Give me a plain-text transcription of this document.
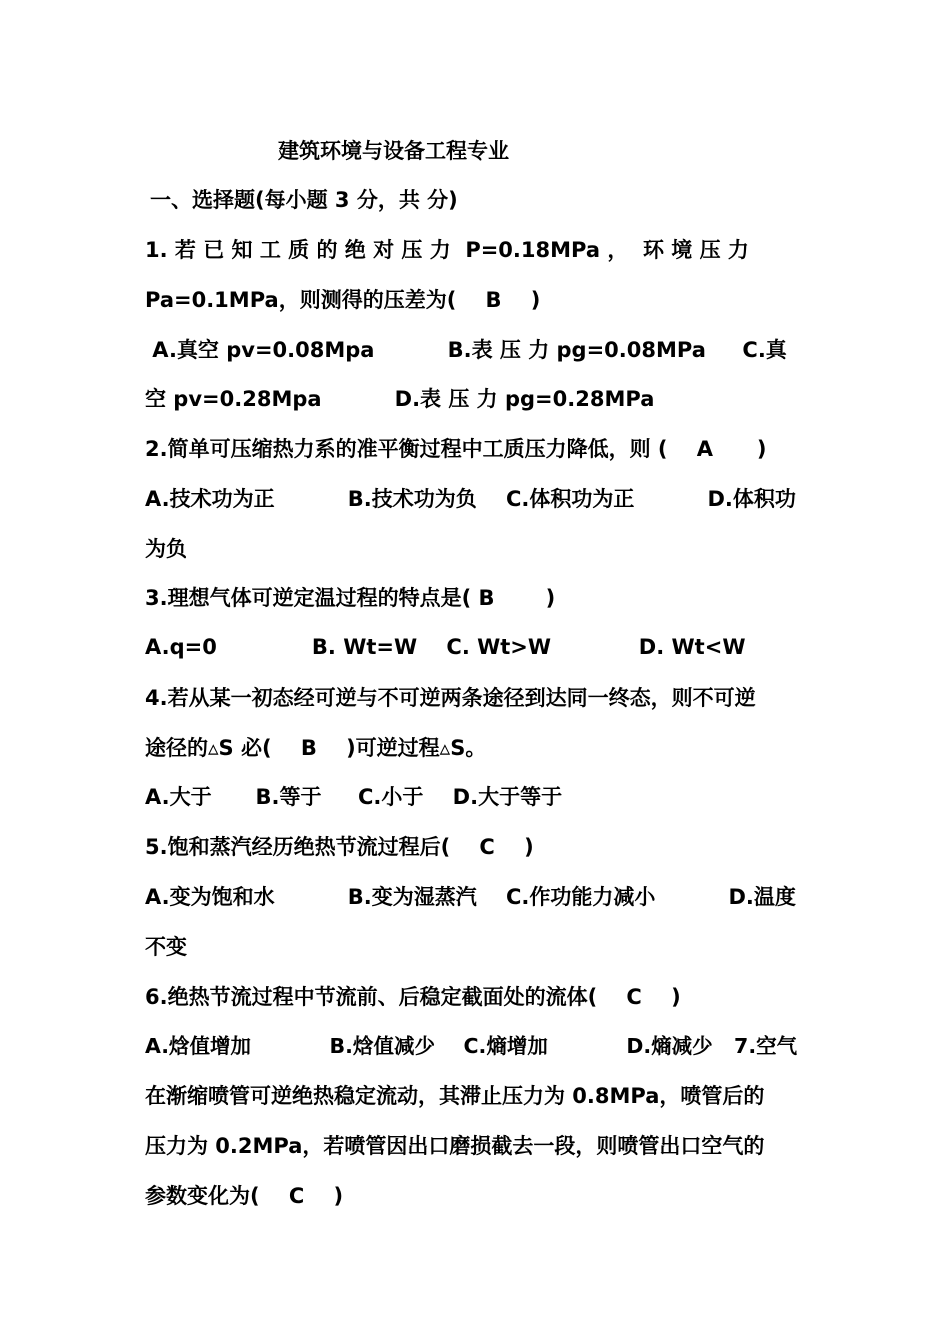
建筑环境与设备工程专业
一、选择题(每小题 3 分，共 分)
1. 若 已 知 工 质 的 绝 对 压 力  P=0.18MPa ，  环 境 压 力
Pa=0.1MPa，则测得的压差为(    B    )
A.真空 pv=0.08Mpa          B.表 压 力 pg=0.08MPa     C.真
空 pv=0.28Mpa          D.表 压 力 pg=0.28MPa
2.简单可压缩热力系的准平衡过程中工质压力降低，则 (    A      )
A.技术功为正          B.技术功为负    C.体积功为正          D.体积功
为负
3.理想气体可逆定温过程的特点是( B       )
A.q=0             B. Wt=W    C. Wt>W            D. Wt<W
4.若从某一初态经可逆与不可逆两条途径到达同一终态，则不可逆
途径的▵S 必(    B    )可逆过程▵S。
A.大于      B.等于     C.小于    D.大于等于
5.饱和蒸汽经历绝热节流过程后(    C    )
A.变为饱和水          B.变为湿蒸汽    C.作功能力减小          D.温度
不变
6.绝热节流过程中节流前、后稳定截面处的流体(    C    )
A.焓值增加           B.焓值减少    C.熵增加           D.熵减少   7.空气
在渐缩喷管可逆绝热稳定流动，其滞止压力为 0.8MPa，喷管后的
压力为 0.2MPa，若喷管因出口磨损截去一段，则喷管出口空气的
参数变化为(    C    )
